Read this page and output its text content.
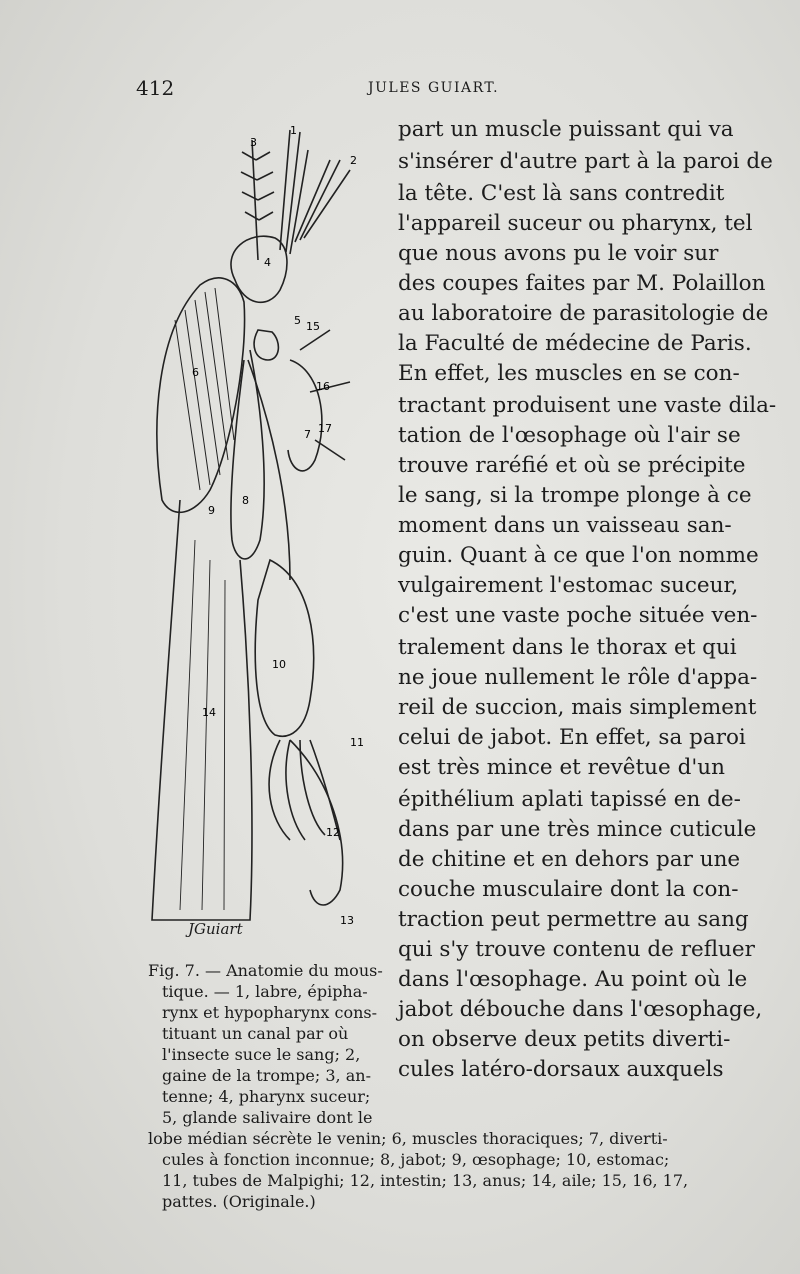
412	JULES GUIART.
3
1
2
4
5
6
7
8
9
10
11
12
13
14
15
16
17
JGuiart
part un muscle puissant qui va
s'insérer d'autre part à la paroi de
la tête. C'est là sans contredit
l'appareil suceur ou pharynx, tel
que nous avons pu le voir sur
des coupes faites par M. Polaillon
au laboratoire de parasitologie de
la Faculté de médecine de Paris.
En effet, les muscles en se con-
tractant produisent une vaste dila-
tation de l'œsophage où l'air se
trouve raréfié et où se précipite
le sang, si la trompe plonge à ce
moment dans un vaisseau san-
guin. Quant à ce que l'on nomme
vulgairement l'estomac suceur,
c'est une vaste poche située ven-
tralement dans le thorax et qui
ne joue nullement le rôle d'appa-
reil de succion, mais simplement
celui de jabot. En effet, sa paroi
est très mince et revêtue d'un
épithélium aplati tapissé en de-
dans par une très mince cuticule
de chitine et en dehors par une
couche musculaire dont la con-
traction peut permettre au sang
qui s'y trouve contenu de refluer
dans l'œsophage. Au point où le
jabot débouche dans l'œsophage,
on observe deux petits diverti-
cules latéro-dorsaux auxquels
Fig. 7. — Anatomie du mous-
tique. — 1, labre, épipha-
rynx et hypopharynx cons-
tituant un canal par où
l'insecte suce le sang; 2,
gaine de la trompe; 3, an-
tenne; 4, pharynx suceur;
5, glande salivaire dont le
lobe médian sécrète le venin; 6, muscles thoraciques; 7, diverti-
cules à fonction inconnue; 8, jabot; 9, œsophage; 10, estomac;
11, tubes de Malpighi; 12, intestin; 13, anus; 14, aile; 15, 16, 17,
pattes. (Originale.)
